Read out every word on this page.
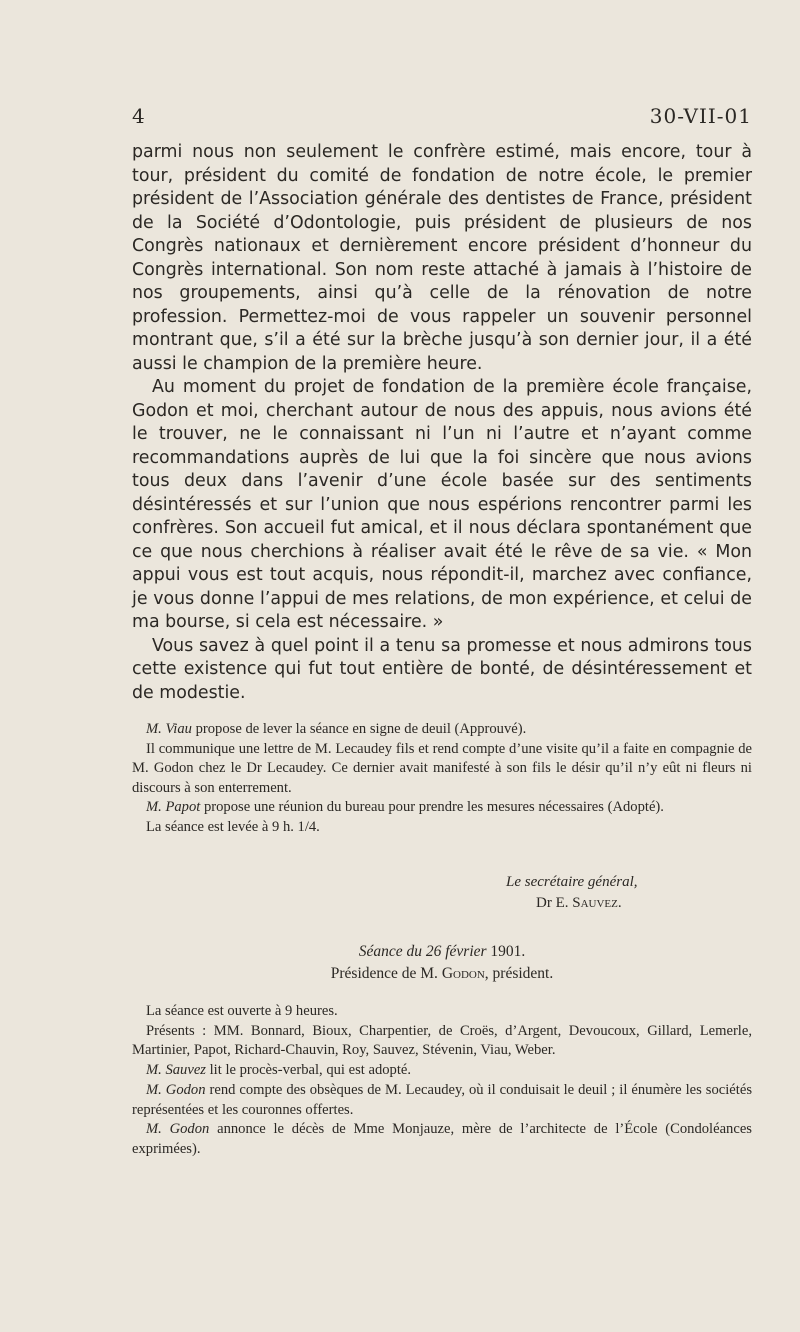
4	30-VII-01

parmi nous non seulement le confrère estimé, mais encore, tour à tour, président du comité de fondation de notre école, le premier président de l’Association générale des dentistes de France, président de la Société d’Odontologie, puis président de plusieurs de nos Congrès nationaux et dernièrement encore président d’honneur du Congrès international. Son nom reste attaché à jamais à l’histoire de nos groupements, ainsi qu’à celle de la rénovation de notre profession. Permettez-moi de vous rappeler un souvenir personnel montrant que, s’il a été sur la brèche jusqu’à son dernier jour, il a été aussi le champion de la première heure.

Au moment du projet de fondation de la première école française, Godon et moi, cherchant autour de nous des appuis, nous avions été le trouver, ne le connaissant ni l’un ni l’autre et n’ayant comme recommandations auprès de lui que la foi sincère que nous avions tous deux dans l’avenir d’une école basée sur des sentiments désintéressés et sur l’union que nous espérions rencontrer parmi les confrères. Son accueil fut amical, et il nous déclara spontanément que ce que nous cherchions à réaliser avait été le rêve de sa vie. « Mon appui vous est tout acquis, nous répondit-il, marchez avec confiance, je vous donne l’appui de mes relations, de mon expérience, et celui de ma bourse, si cela est nécessaire. »

Vous savez à quel point il a tenu sa promesse et nous admirons tous cette existence qui fut tout entière de bonté, de désintéressement et de modestie.

M. Viau propose de lever la séance en signe de deuil (Approuvé).

Il communique une lettre de M. Lecaudey fils et rend compte d’une visite qu’il a faite en compagnie de M. Godon chez le Dr Lecaudey. Ce dernier avait manifesté à son fils le désir qu’il n’y eût ni fleurs ni discours à son enterrement.

M. Papot propose une réunion du bureau pour prendre les mesures nécessaires (Adopté).

La séance est levée à 9 h. 1/4.

Le secrétaire général,
Dr E. Sauvez.
Séance du 26 février 1901.
Présidence de M. Godon, président.

La séance est ouverte à 9 heures.

Présents : MM. Bonnard, Bioux, Charpentier, de Croës, d’Argent, Devoucoux, Gillard, Lemerle, Martinier, Papot, Richard-Chauvin, Roy, Sauvez, Stévenin, Viau, Weber.

M. Sauvez lit le procès-verbal, qui est adopté.

M. Godon rend compte des obsèques de M. Lecaudey, où il conduisait le deuil ; il énumère les sociétés représentées et les couronnes offertes.

M. Godon annonce le décès de Mme Monjauze, mère de l’architecte de l’École (Condoléances exprimées).
